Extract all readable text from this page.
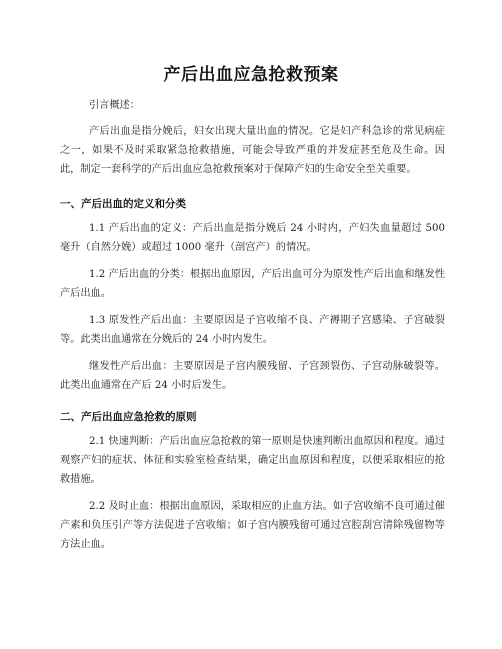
产后出血应急抢救预案

引言概述：

产后出血是指分娩后，妇女出现大量出血的情况。它是妇产科急诊的常见病症之一，如果不及时采取紧急抢救措施，可能会导致严重的并发症甚至危及生命。因此，制定一套科学的产后出血应急抢救预案对于保障产妇的生命安全至关重要。

一、产后出血的定义和分类

1.1 产后出血的定义：产后出血是指分娩后 24 小时内，产妇失血量超过 500 毫升（自然分娩）或超过 1000 毫升（剖宫产）的情况。

1.2 产后出血的分类：根据出血原因，产后出血可分为原发性产后出血和继发性产后出血。

1.3 原发性产后出血：主要原因是子宫收缩不良、产褥期子宫感染、子宫破裂等。此类出血通常在分娩后的 24 小时内发生。

继发性产后出血：主要原因是子宫内膜残留、子宫颈裂伤、子宫动脉破裂等。此类出血通常在产后 24 小时后发生。

二、产后出血应急抢救的原则

2.1 快速判断：产后出血应急抢救的第一原则是快速判断出血原因和程度。通过观察产妇的症状、体征和实验室检查结果，确定出血原因和程度，以便采取相应的抢救措施。

2.2 及时止血：根据出血原因，采取相应的止血方法。如子宫收缩不良可通过催产素和负压引产等方法促进子宫收缩；如子宫内膜残留可通过宫腔刮宫清除残留物等方法止血。
